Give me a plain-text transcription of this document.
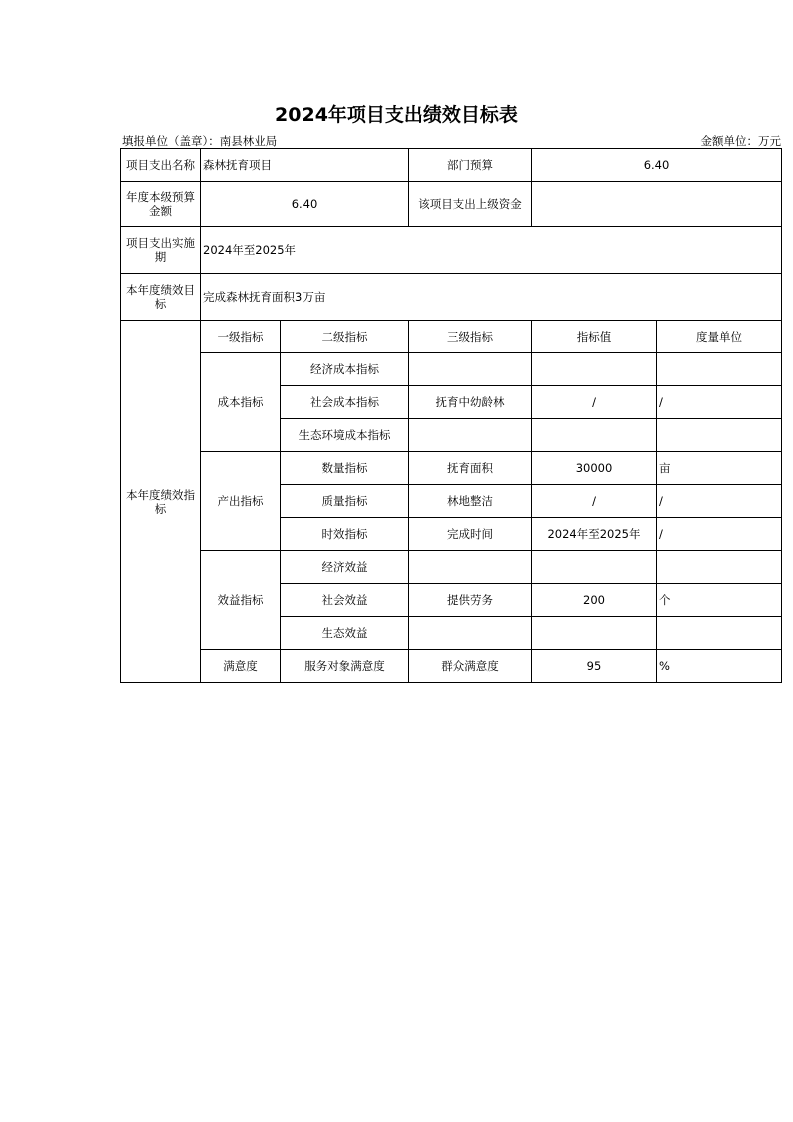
2024年项目支出绩效目标表
填报单位（盖章）：南县林业局	金额单位：万元
项目支出名称	森林抚育项目		部门预算	6.40	
年度本级预算金额	6.40		该项目支出上级资金		
项目支出实施期	2024年至2025年				
本年度绩效目标	完成森林抚育面积3万亩				
本年度绩效指标	一级指标	二级指标	三级指标	指标值	度量单位
	成本指标	经济成本指标			
		社会成本指标	抚育中幼龄林	/	/
		生态环境成本指标			
	产出指标	数量指标	抚育面积	30000	亩
		质量指标	林地整洁	/	/
		时效指标	完成时间	2024年至2025年	/
	效益指标	经济效益			
		社会效益	提供劳务	200	个
		生态效益			
	满意度	服务对象满意度	群众满意度	95	%
